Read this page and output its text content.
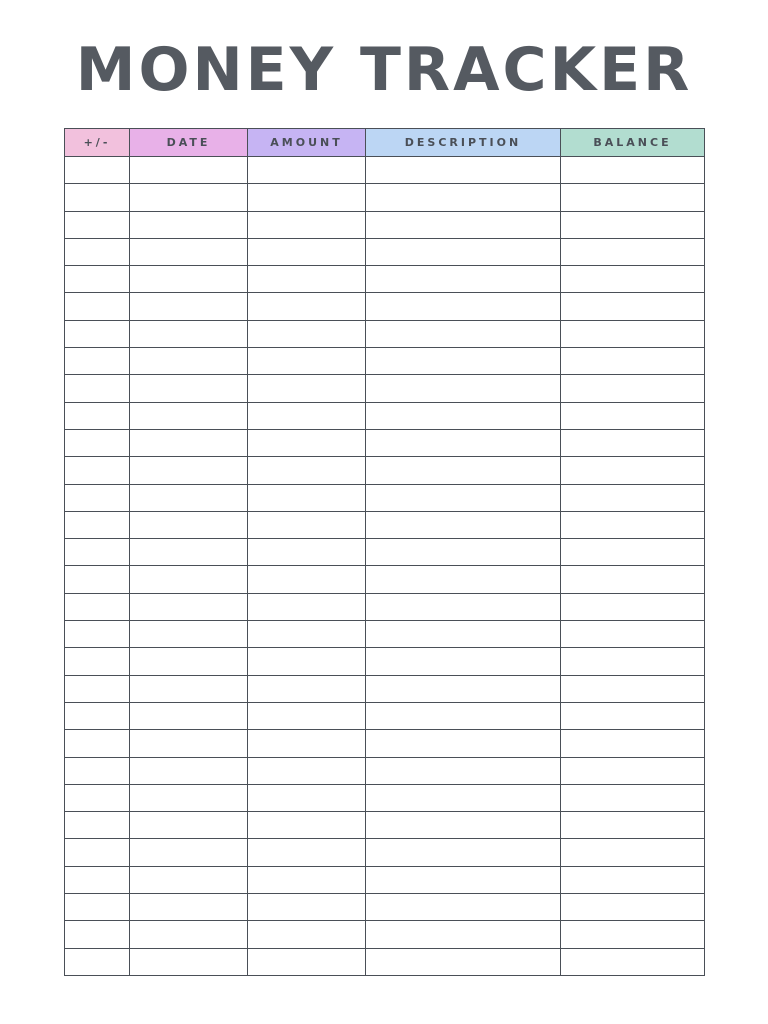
MONEY TRACKER
+/-	DATE	AMOUNT	DESCRIPTION	BALANCE
